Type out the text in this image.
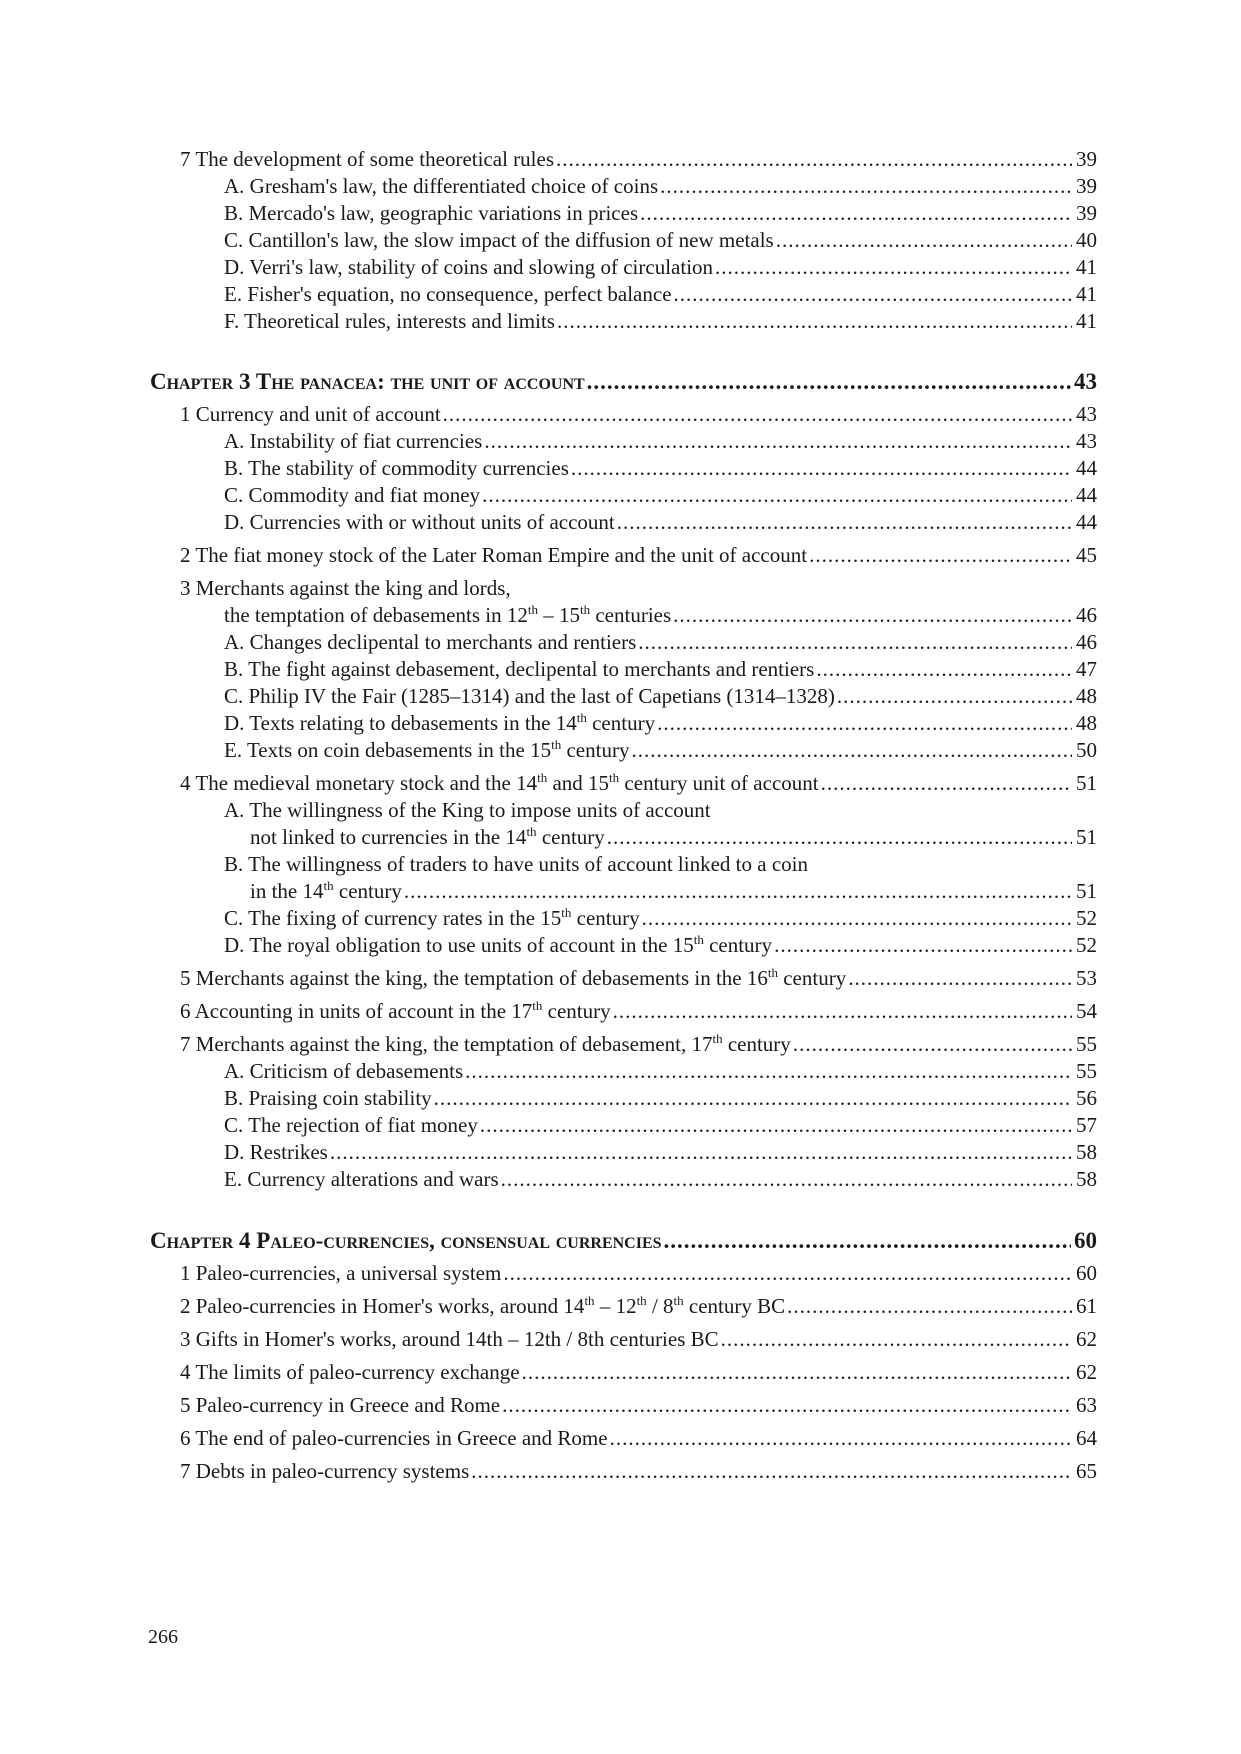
7 The development of some theoretical rules .....	39
A. Gresham's law, the differentiated choice of coins .....	39
B. Mercado's law, geographic variations in prices .....	39
C. Cantillon's law, the slow impact of the diffusion of new metals .....	40
D. Verri's law, stability of coins and slowing of circulation .....	41
E. Fisher's equation, no consequence, perfect balance .....	41
F. Theoretical rules, interests and limits .....	41
Chapter 3 The panacea: the unit of account .....	43
1 Currency and unit of account .....	43
A. Instability of fiat currencies .....	43
B. The stability of commodity currencies .....	44
C. Commodity and fiat money .....	44
D. Currencies with or without units of account .....	44
2 The fiat money stock of the Later Roman Empire and the unit of account .....	45
3 Merchants against the king and lords,
the temptation of debasements in 12th – 15th centuries .....	46
A. Changes declipental to merchants and rentiers .....	46
B. The fight against debasement, declipental to merchants and rentiers .....	47
C. Philip IV the Fair (1285–1314) and the last of Capetians (1314–1328) .....	48
D. Texts relating to debasements in the 14th century .....	48
E. Texts on coin debasements in the 15th century .....	50
4 The medieval monetary stock and the 14th and 15th century unit of account .....	51
A. The willingness of the King to impose units of account
not linked to currencies in the 14th century .....	51
B. The willingness of traders to have units of account linked to a coin
in the 14th century .....	51
C. The fixing of currency rates in the 15th century .....	52
D. The royal obligation to use units of account in the 15th century .....	52
5 Merchants against the king, the temptation of debasements in the 16th century .....	53
6 Accounting in units of account in the 17th century .....	54
7 Merchants against the king, the temptation of debasement, 17th century .....	55
A. Criticism of debasements .....	55
B. Praising coin stability .....	56
C. The rejection of fiat money .....	57
D. Restrikes .....	58
E. Currency alterations and wars .....	58
Chapter 4 Paleo-currencies, consensual currencies .....	60
1 Paleo-currencies, a universal system .....	60
2 Paleo-currencies in Homer's works, around 14th – 12th / 8th century BC .....	61
3 Gifts in Homer's works, around 14th – 12th / 8th centuries BC .....	62
4 The limits of paleo-currency exchange .....	62
5 Paleo-currency in Greece and Rome .....	63
6 The end of paleo-currencies in Greece and Rome .....	64
7 Debts in paleo-currency systems .....	65
266
